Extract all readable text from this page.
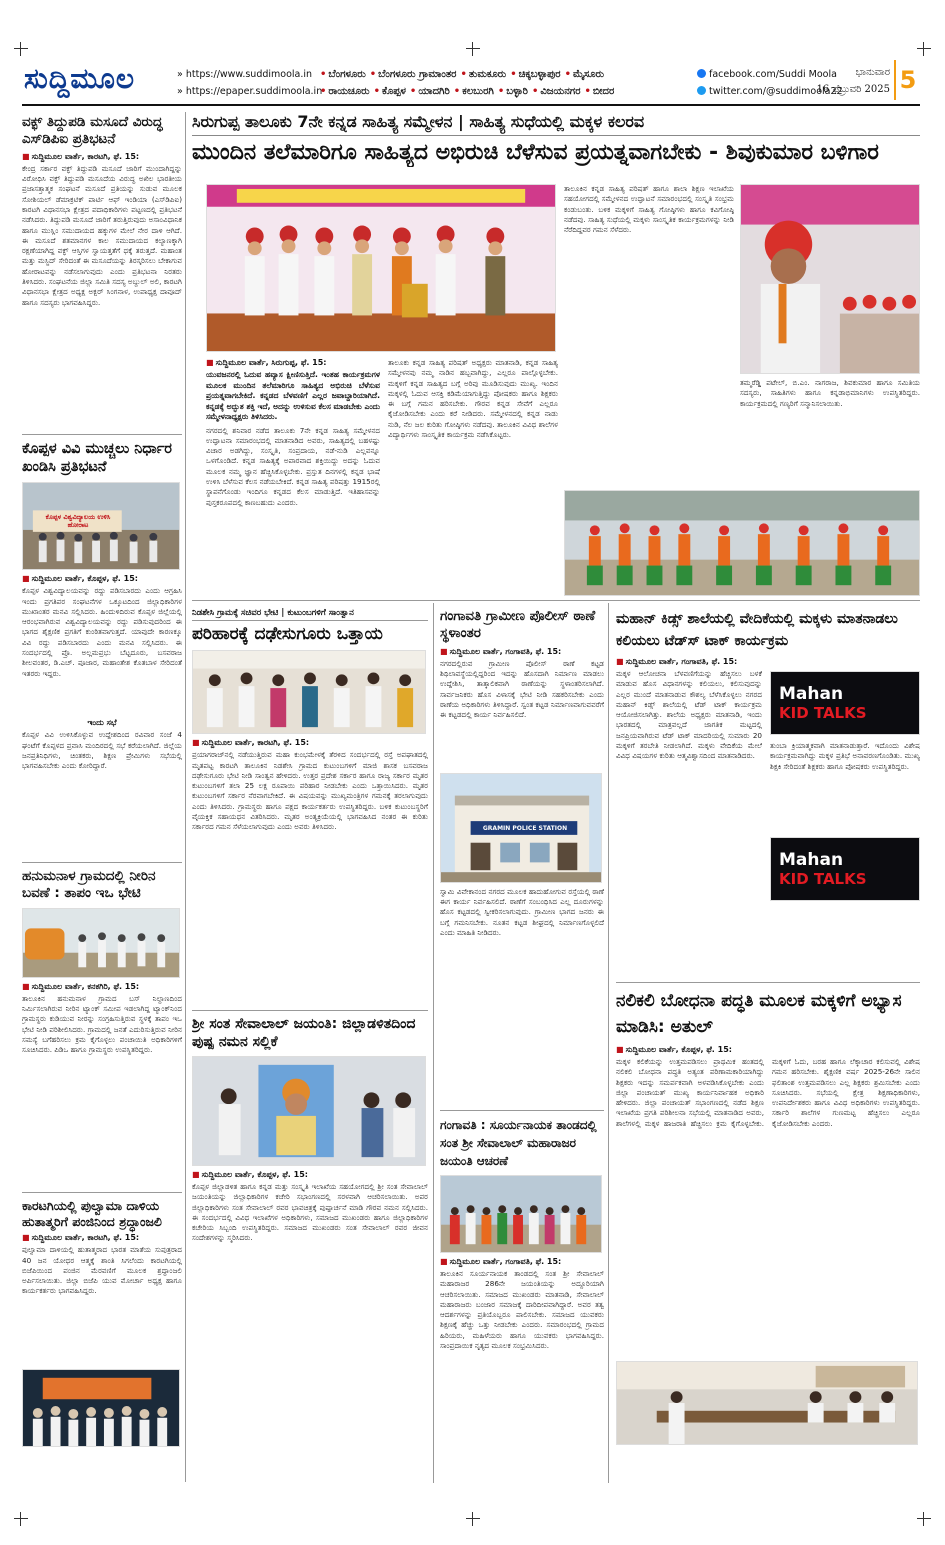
ಸುದ್ದಿಮೂಲ	» https://www.suddimoola.in
» https://epaper.suddimoola.in
• ಬೆಂಗಳೂರು • ಬೆಂಗಳೂರು ಗ್ರಾಮಾಂತರ • ತುಮಕೂರು • ಚಿಕ್ಕಬಳ್ಳಾಪುರ • ಮೈಸೂರು
• ರಾಯಚೂರು • ಕೊಪ್ಪಳ • ಯಾದಗಿರಿ • ಕಲಬುರಗಿ • ಬಳ್ಳಾರಿ • ವಿಜಯನಗರ • ಬೀದರ
facebook.com/Suddi Moola
twitter.com/@suddimoola22
ಭಾನುವಾರ
16 ಫೆಬ್ರುವರಿ 2025 5
ವಕ್ಫ್ ತಿದ್ದುಪಡಿ ಮಸೂದೆ ವಿರುದ್ಧ ಎಸ್‌ಡಿಪಿಐ ಪ್ರತಿಭಟನೆ
■ ಸುದ್ದಿಮೂಲ ವಾರ್ತೆ, ಕಾರಟಗಿ, ಫೆ. 15:
ಕೇಂದ್ರ ಸರ್ಕಾರ ವಕ್ಫ್ ತಿದ್ದುಪಡಿ ಮಸೂದೆ ಜಾರಿಗೆ ಮುಂದಾಗಿದ್ದನ್ನು ವಿರೋಧಿಸಿ ವಕ್ಫ್ ತಿದ್ದುಪಡಿ ಮಸೂದೆಯ ವಿರುದ್ಧ ಅಖಿಲ ಭಾರತೀಯ ಪ್ರಜಾಸತ್ತಾತ್ಮಕ ಸಂಘಟನೆ ಮಸೂದೆ ಪ್ರತಿಯನ್ನು ಸುಡುವ ಮೂಲಕ ಸೋಶಿಯಲ್ ಡೆಮಾಕ್ರಟಿಕ್ ಪಾರ್ಟಿ ಆಫ್ ಇಂಡಿಯಾ (ಎಸ್‌ಡಿಪಿಐ) ಕಾರಟಗಿ ವಿಧಾನಸಭಾ ಕ್ಷೇತ್ರದ ಪದಾಧಿಕಾರಿಗಳು ಪಟ್ಟಣದಲ್ಲಿ ಪ್ರತಿಭಟನೆ ನಡೆಸಿದರು. ತಿದ್ದುಪಡಿ ಮಸೂದೆ ಜಾರಿಗೆ ತರುತ್ತಿರುವುದು ಅಸಾಂವಿಧಾನಿಕ ಹಾಗೂ ಮುಸ್ಲಿಂ ಸಮುದಾಯದ ಹಕ್ಕುಗಳ ಮೇಲೆ ನೇರ ದಾಳಿ ಆಗಿದೆ. ಈ ಮಸೂದೆ ಶತಮಾನಗಳ ಕಾಲ ಸಮುದಾಯದ ಕಲ್ಯಾಣಕ್ಕಾಗಿ ರಕ್ಷಣೆಯಾಗಿದ್ದ ವಕ್ಫ್ ಆಸ್ತಿಗಳ ಸ್ವಾಯತ್ತತೆಗೆ ಧಕ್ಕೆ ತರುತ್ತದೆ. ಮಹಾಂತ ಮತ್ತು ಮಸ್ಜಿದ್ ಸೇರಿದಂತೆ ಈ ಮಸೂದೆಯನ್ನು ತಿರಸ್ಕರಿಸಲು ಬೇಕಾಗುವ ಹೋರಾಟವನ್ನು ನಡೆಸಲಾಗುವುದು ಎಂದು ಪ್ರತಿಭಟನಾ ನಿರತರು ತಿಳಿಸಿದರು. ಸಂಘಟನೆಯ ಜಿಲ್ಲಾ ಸಮಿತಿ ಸದಸ್ಯ ಅಬ್ದುಲ್ ಅಲಿ, ಕಾರಟಗಿ ವಿಧಾನಸಭಾ ಕ್ಷೇತ್ರದ ಅಧ್ಯಕ್ಷ ಅಕ್ಬರ್ ಸಿಂಗನಾಳ, ಉಪಾಧ್ಯಕ್ಷ ದಾವೂದ್ ಹಾಗೂ ಸದಸ್ಯರು ಭಾಗವಹಿಸಿದ್ದರು.
ಕೊಪ್ಪಳ ವಿವಿ ಮುಚ್ಚಲು ನಿರ್ಧಾರ ಖಂಡಿಸಿ ಪ್ರತಿಭಟನೆ
ಕೊಪ್ಪಳ ವಿಶ್ವವಿದ್ಯಾಲಯ ಉಳಿಸಿ ಹೋರಾಟ
■ ಸುದ್ದಿಮೂಲ ವಾರ್ತೆ, ಕೊಪ್ಪಳ, ಫೆ. 15:
ಕೊಪ್ಪಳ ವಿಶ್ವವಿದ್ಯಾಲಯವನ್ನು ರದ್ದು ಪಡಿಸಬಾರದು ಎಂದು ಆಗ್ರಹಿಸಿ ಇಂದು ಪ್ರಗತಿಪರ ಸಂಘಟನೆಗಳ ಒಕ್ಕೂಟದಿಂದ ಜಿಲ್ಲಾಧಿಕಾರಿಗಳ ಮುಖಾಂತರ ಮನವಿ ಸಲ್ಲಿಸಿದರು. ಹಿಂದುಳಿದಿರುವ ಕೊಪ್ಪಳ ಜಿಲ್ಲೆಯಲ್ಲಿ ಆರಂಭವಾಗಿರುವ ವಿಶ್ವವಿದ್ಯಾಲಯವನ್ನು ರದ್ದು ಪಡಿಸುವುದರಿಂದ ಈ ಭಾಗದ ಶೈಕ್ಷಣಿಕ ಪ್ರಗತಿಗೆ ಕುಂಠಿತವಾಗುತ್ತದೆ. ಯಾವುದೇ ಕಾರಣಕ್ಕೂ ವಿವಿ ರದ್ದು ಪಡಿಸಬಾರದು ಎಂದು ಮನವಿ ಸಲ್ಲಿಸಿದರು. ಈ ಸಂದರ್ಭದಲ್ಲಿ ಪ್ರೊ. ಅಲ್ಲಮಪ್ರಭು ಬೆಟ್ಟದೂರು, ಬಸವರಾಜ ಶೀಲವಂತರ, ಡಿ.ಎಚ್. ಪೂಜಾರ, ಮಹಾಂತೇಶ ಕೊತಬಾಳ ಸೇರಿದಂತೆ ಇತರರು ಇದ್ದರು.
ಇಂದು ಸಭೆ
ಕೊಪ್ಪಳ ವಿವಿ ಉಳಿಸಿಕೊಳ್ಳುವ ಉದ್ದೇಶದಿಂದ ರವಿವಾರ ಸಂಜೆ 4 ಘಂಟೆಗೆ ಕೊಪ್ಪಳದ ಪ್ರವಾಸಿ ಮಂದಿರದಲ್ಲಿ ಸಭೆ ಕರೆಯಲಾಗಿದೆ. ಜಿಲ್ಲೆಯ ಜನಪ್ರತಿನಿಧಿಗಳು, ಚಿಂತಕರು, ಶಿಕ್ಷಣ ಪ್ರೇಮಿಗಳು ಸಭೆಯಲ್ಲಿ ಭಾಗವಹಿಸಬೇಕು ಎಂದು ಕೋರಿದ್ದಾರೆ.
ಹನುಮನಾಳ ಗ್ರಾಮದಲ್ಲಿ ನೀರಿನ ಬವಣೆ : ತಾಪಂ ಇಒ ಭೇಟಿ
■ ಸುದ್ದಿಮೂಲ ವಾರ್ತೆ, ಕನಕಗಿರಿ, ಫೆ. 15:
ತಾಲೂಕಿನ ಹನುಮನಾಳ ಗ್ರಾಮದ ಬಸ್ ನಿಲ್ದಾಣದಿಂದ ನಿರ್ಮಿಸಲಾಗಿರುವ ನೀರಿನ ಟ್ಯಾಂಕ್ ಸಮೀಪ ಇಡಲಾಗಿದ್ದ ಟ್ಯಾಂಕ್‌ನಿಂದ ಗ್ರಾಮಸ್ಥರು ಕುಡಿಯುವ ನೀರನ್ನು ಸಂಗ್ರಹಿಸುತ್ತಿರುವ ಸ್ಥಳಕ್ಕೆ ತಾಪಂ ಇಒ ಭೇಟಿ ನೀಡಿ ಪರಿಶೀಲಿಸಿದರು. ಗ್ರಾಮದಲ್ಲಿ ಜನತೆ ಎದುರಿಸುತ್ತಿರುವ ನೀರಿನ ಸಮಸ್ಯೆ ಬಗೆಹರಿಸಲು ಕ್ರಮ ಕೈಗೊಳ್ಳಲು ಪಂಚಾಯಿತಿ ಅಧಿಕಾರಿಗಳಿಗೆ ಸೂಚಿಸಿದರು. ಪಿಡಿಒ ಹಾಗೂ ಗ್ರಾಮಸ್ಥರು ಉಪಸ್ಥಿತರಿದ್ದರು.
ಕಾರಟಗಿಯಲ್ಲಿ ಪುಲ್ವಾಮಾ ದಾಳಿಯ ಹುತಾತ್ಮರಿಗೆ ಪಂಜಿನಿಂದ ಶ್ರದ್ಧಾಂಜಲಿ
■ ಸುದ್ದಿಮೂಲ ವಾರ್ತೆ, ಕಾರಟಗಿ, ಫೆ. 15:
ಪುಲ್ವಾಮಾ ದಾಳಿಯಲ್ಲಿ ಹುತಾತ್ಮರಾದ ಭಾರತ ಮಾತೆಯ ಸುಪುತ್ರರಾದ 40 ಜನ ಯೋಧರ ಆತ್ಮಕ್ಕೆ ಶಾಂತಿ ಸಿಗಲೆಂದು ಕಾರಟಗಿಯಲ್ಲಿ ಬಿಜೆಪಿಯಿಂದ ಪಂಜಿನ ಮೆರವಣಿಗೆ ಮೂಲಕ ಶ್ರದ್ಧಾಂಜಲಿ ಅರ್ಪಿಸಲಾಯಿತು. ಜಿಲ್ಲಾ ಬಿಜೆಪಿ ಯುವ ಮೋರ್ಚಾ ಅಧ್ಯಕ್ಷ ಹಾಗೂ ಕಾರ್ಯಕರ್ತರು ಭಾಗವಹಿಸಿದ್ದರು.
ಸಿರುಗುಪ್ಪ ತಾಲೂಕು 7ನೇ ಕನ್ನಡ ಸಾಹಿತ್ಯ ಸಮ್ಮೇಳನ | ಸಾಹಿತ್ಯ ಸುಧೆಯಲ್ಲಿ ಮಕ್ಕಳ ಕಲರವ
ಮುಂದಿನ ತಲೆಮಾರಿಗೂ ಸಾಹಿತ್ಯದ ಅಭಿರುಚಿ ಬೆಳೆಸುವ ಪ್ರಯತ್ನವಾಗಬೇಕು - ಶಿವುಕುಮಾರ ಬಳಿಗಾರ
■ ಸುದ್ದಿಮೂಲ ವಾರ್ತೆ, ಸಿರುಗುಪ್ಪ, ಫೆ. 15:
ಯುವಜನರಲ್ಲಿ ಓದುವ ಹವ್ಯಾಸ ಕ್ಷೀಣಿಸುತ್ತಿದೆ. ಇಂತಹ ಕಾರ್ಯಕ್ರಮಗಳ ಮೂಲಕ ಮುಂದಿನ ತಲೆಮಾರಿಗೂ ಸಾಹಿತ್ಯದ ಅಭಿರುಚಿ ಬೆಳೆಸುವ ಪ್ರಯತ್ನವಾಗಬೇಕಿದೆ. ಕನ್ನಡದ ಬೆಳವಣಿಗೆ ಎಲ್ಲರ ಜವಾಬ್ದಾರಿಯಾಗಿದೆ. ಕನ್ನಡಕ್ಕೆ ಅದ್ಭುತ ಶಕ್ತಿ ಇದೆ, ಅದನ್ನು ಉಳಿಸುವ ಕೆಲಸ ಮಾಡಬೇಕು ಎಂದು ಸಮ್ಮೇಳನಾಧ್ಯಕ್ಷರು ತಿಳಿಸಿದರು.
ನಗರದಲ್ಲಿ ಶನಿವಾರ ನಡೆದ ತಾಲೂಕು 7ನೇ ಕನ್ನಡ ಸಾಹಿತ್ಯ ಸಮ್ಮೇಳನದ ಉದ್ಘಾಟನಾ ಸಮಾರಂಭದಲ್ಲಿ ಮಾತನಾಡಿದ ಅವರು, ಸಾಹಿತ್ಯದಲ್ಲಿ ಬಹಳಷ್ಟು ವಿಚಾರ ಅಡಗಿದ್ದು, ಸಂಸ್ಕೃತಿ, ಸಂಪ್ರದಾಯ, ನಡೆ-ನುಡಿ ಎಲ್ಲವನ್ನೂ ಒಳಗೊಂಡಿದೆ. ಕನ್ನಡ ಸಾಹಿತ್ಯಕ್ಕೆ ಅಪಾರವಾದ ಶಕ್ತಿಯಿದ್ದು ಅದನ್ನು ಓದುವ ಮೂಲಕ ನಮ್ಮ ಜ್ಞಾನ ಹೆಚ್ಚಿಸಿಕೊಳ್ಳಬೇಕು. ಪ್ರಸ್ತುತ ದಿನಗಳಲ್ಲಿ ಕನ್ನಡ ಭಾಷೆ ಉಳಿಸಿ ಬೆಳೆಸುವ ಕೆಲಸ ನಡೆಯಬೇಕಿದೆ. ಕನ್ನಡ ಸಾಹಿತ್ಯ ಪರಿಷತ್ತು 1915ರಲ್ಲಿ ಸ್ಥಾಪನೆಗೊಂಡು ಇಂದಿಗೂ ಕನ್ನಡದ ಕೆಲಸ ಮಾಡುತ್ತಿದೆ. ಇತಿಹಾಸವನ್ನು ಪುಸ್ತಕರೂಪದಲ್ಲಿ ಕಾಣಬಹುದು ಎಂದರು.
ತಾಲೂಕು ಕನ್ನಡ ಸಾಹಿತ್ಯ ಪರಿಷತ್ ಅಧ್ಯಕ್ಷರು ಮಾತನಾಡಿ, ಕನ್ನಡ ಸಾಹಿತ್ಯ ಸಮ್ಮೇಳನವು ನಮ್ಮ ನಾಡಿನ ಹಬ್ಬವಾಗಿದ್ದು, ಎಲ್ಲರೂ ಪಾಲ್ಗೊಳ್ಳಬೇಕು. ಮಕ್ಕಳಿಗೆ ಕನ್ನಡ ಸಾಹಿತ್ಯದ ಬಗ್ಗೆ ಅರಿವು ಮೂಡಿಸುವುದು ಮುಖ್ಯ. ಇಂದಿನ ಮಕ್ಕಳಲ್ಲಿ ಓದುವ ಆಸಕ್ತಿ ಕಡಿಮೆಯಾಗುತ್ತಿದ್ದು ಪೋಷಕರು ಹಾಗೂ ಶಿಕ್ಷಕರು ಈ ಬಗ್ಗೆ ಗಮನ ಹರಿಸಬೇಕು. ಗೌರವ ಕನ್ನಡ ಸೇವೆಗೆ ಎಲ್ಲರೂ ಕೈಜೋಡಿಸಬೇಕು ಎಂದು ಕರೆ ನೀಡಿದರು. ಸಮ್ಮೇಳನದಲ್ಲಿ ಕನ್ನಡ ನಾಡು ನುಡಿ, ನೆಲ ಜಲ ಕುರಿತು ಗೋಷ್ಠಿಗಳು ನಡೆದವು. ತಾಲೂಕಿನ ವಿವಿಧ ಶಾಲೆಗಳ ವಿದ್ಯಾರ್ಥಿಗಳು ಸಾಂಸ್ಕೃತಿಕ ಕಾರ್ಯಕ್ರಮ ನಡೆಸಿಕೊಟ್ಟರು.
ತಾಲೂಕಿನ ಕನ್ನಡ ಸಾಹಿತ್ಯ ಪರಿಷತ್ ಹಾಗೂ ಶಾಲಾ ಶಿಕ್ಷಣ ಇಲಾಖೆಯ ಸಹಯೋಗದಲ್ಲಿ ಸಮ್ಮೇಳನದ ಉದ್ಘಾಟನೆ ಸಮಾರಂಭದಲ್ಲಿ ಸಂಸ್ಕೃತಿ ಸಂಭ್ರಮ ಕಂಡುಬಂತು. ಬಳಿಕ ಮಕ್ಕಳಿಗೆ ಸಾಹಿತ್ಯ ಗೋಷ್ಠಿಗಳು ಹಾಗೂ ಕವಿಗೋಷ್ಠಿ ನಡೆದವು. ಸಾಹಿತ್ಯ ಸುಧೆಯಲ್ಲಿ ಮಕ್ಕಳು ಸಾಂಸ್ಕೃತಿಕ ಕಾರ್ಯಕ್ರಮಗಳನ್ನು ನೀಡಿ ನೆರೆದಿದ್ದವರ ಗಮನ ಸೆಳೆದರು.
ತಮ್ಮರೆಡ್ಡಿ ಪಟೇಲ್, ಬಿ.ಎಂ. ನಾಗರಾಜ, ಶಿವಕುಮಾರ ಹಾಗೂ ಸಮಿತಿಯ ಸದಸ್ಯರು, ಸಾಹಿತಿಗಳು ಹಾಗೂ ಕನ್ನಡಾಭಿಮಾನಿಗಳು ಉಪಸ್ಥಿತರಿದ್ದರು. ಕಾರ್ಯಕ್ರಮದಲ್ಲಿ ಗಣ್ಯರಿಗೆ ಸನ್ಮಾನಿಸಲಾಯಿತು.
ನಿಡಶೇಸಿ ಗ್ರಾಮಕ್ಕೆ ಸಚಿವರ ಭೇಟಿ | ಕುಟುಂಬಗಳಿಗೆ ಸಾಂತ್ವಾನ
ಪರಿಹಾರಕ್ಕೆ ದಢೇಸುಗೂರು ಒತ್ತಾಯ
■ ಸುದ್ದಿಮೂಲ ವಾರ್ತೆ, ಕಾರಟಗಿ, ಫೆ. 15:
ಪ್ರಯಾಗರಾಜ್‌ನಲ್ಲಿ ನಡೆಯುತ್ತಿರುವ ಮಹಾ ಕುಂಭಮೇಳಕ್ಕೆ ತೆರಳಿದ ಸಂದರ್ಭದಲ್ಲಿ ರಸ್ತೆ ಅಪಘಾತದಲ್ಲಿ ಮೃತಪಟ್ಟ ಕಾರಟಗಿ ತಾಲೂಕಿನ ನಿಡಶೇಸಿ ಗ್ರಾಮದ ಕುಟುಂಬಗಳಿಗೆ ಮಾಜಿ ಶಾಸಕ ಬಸವರಾಜ ದಢೇಸುಗೂರು ಭೇಟಿ ನೀಡಿ ಸಾಂತ್ವನ ಹೇಳಿದರು. ಉತ್ತರ ಪ್ರದೇಶ ಸರ್ಕಾರ ಹಾಗೂ ರಾಜ್ಯ ಸರ್ಕಾರ ಮೃತರ ಕುಟುಂಬಗಳಿಗೆ ತಲಾ 25 ಲಕ್ಷ ರೂಪಾಯಿ ಪರಿಹಾರ ನೀಡಬೇಕು ಎಂದು ಒತ್ತಾಯಿಸಿದರು. ಮೃತರ ಕುಟುಂಬಗಳಿಗೆ ಸರ್ಕಾರ ನೆರವಾಗಬೇಕಿದೆ. ಈ ವಿಷಯವನ್ನು ಮುಖ್ಯಮಂತ್ರಿಗಳ ಗಮನಕ್ಕೆ ತರಲಾಗುವುದು ಎಂದು ತಿಳಿಸಿದರು. ಗ್ರಾಮಸ್ಥರು ಹಾಗೂ ಪಕ್ಷದ ಕಾರ್ಯಕರ್ತರು ಉಪಸ್ಥಿತರಿದ್ದರು. ಬಳಿಕ ಕುಟುಂಬಸ್ಥರಿಗೆ ವೈಯಕ್ತಿಕ ಸಹಾಯಧನ ವಿತರಿಸಿದರು. ಮೃತರ ಅಂತ್ಯಕ್ರಿಯೆಯಲ್ಲಿ ಭಾಗವಹಿಸಿದ ನಂತರ ಈ ಕುರಿತು ಸರ್ಕಾರದ ಗಮನ ಸೆಳೆಯಲಾಗುವುದು ಎಂದು ಅವರು ತಿಳಿಸಿದರು.
ಶ್ರೀ ಸಂತ ಸೇವಾಲಾಲ್ ಜಯಂತಿ: ಜಿಲ್ಲಾಡಳಿತದಿಂದ ಪುಷ್ಪ ನಮನ ಸಲ್ಲಿಕೆ
■ ಸುದ್ದಿಮೂಲ ವಾರ್ತೆ, ಕೊಪ್ಪಳ, ಫೆ. 15:
ಕೊಪ್ಪಳ ಜಿಲ್ಲಾಡಳಿತ ಹಾಗೂ ಕನ್ನಡ ಮತ್ತು ಸಂಸ್ಕೃತಿ ಇಲಾಖೆಯ ಸಹಯೋಗದಲ್ಲಿ ಶ್ರೀ ಸಂತ ಸೇವಾಲಾಲ್ ಜಯಂತಿಯನ್ನು ಜಿಲ್ಲಾಧಿಕಾರಿಗಳ ಕಚೇರಿ ಸಭಾಂಗಣದಲ್ಲಿ ಸರಳವಾಗಿ ಆಚರಿಸಲಾಯಿತು. ಅಪರ ಜಿಲ್ಲಾಧಿಕಾರಿಗಳು ಸಂತ ಸೇವಾಲಾಲ್ ರವರ ಭಾವಚಿತ್ರಕ್ಕೆ ಪುಷ್ಪಾರ್ಚನೆ ಮಾಡಿ ಗೌರವ ನಮನ ಸಲ್ಲಿಸಿದರು. ಈ ಸಂದರ್ಭದಲ್ಲಿ ವಿವಿಧ ಇಲಾಖೆಗಳ ಅಧಿಕಾರಿಗಳು, ಸಮಾಜದ ಮುಖಂಡರು ಹಾಗೂ ಜಿಲ್ಲಾಧಿಕಾರಿಗಳ ಕಚೇರಿಯ ಸಿಬ್ಬಂದಿ ಉಪಸ್ಥಿತರಿದ್ದರು. ಸಮಾಜದ ಮುಖಂಡರು ಸಂತ ಸೇವಾಲಾಲ್ ರವರ ಜೀವನ ಸಂದೇಶಗಳನ್ನು ಸ್ಮರಿಸಿದರು.
ಗಂಗಾವತಿ ಗ್ರಾಮೀಣ ಪೊಲೀಸ್ ಠಾಣೆ ಸ್ಥಳಾಂತರ
■ ಸುದ್ದಿಮೂಲ ವಾರ್ತೆ, ಗಂಗಾವತಿ, ಫೆ. 15:
ನಗರದಲ್ಲಿರುವ ಗ್ರಾಮೀಣ ಪೊಲೀಸ್ ಠಾಣೆ ಕಟ್ಟಡ ಶಿಥಿಲಾವಸ್ಥೆಯಲ್ಲಿದ್ದರಿಂದ ಇದನ್ನು ಹೊಸದಾಗಿ ನಿರ್ಮಾಣ ಮಾಡಲು ಉದ್ದೇಶಿಸಿ, ತಾತ್ಕಾಲಿಕವಾಗಿ ಠಾಣೆಯನ್ನು ಸ್ಥಳಾಂತರಿಸಲಾಗಿದೆ. ಸಾರ್ವಜನಿಕರು ಹೊಸ ವಿಳಾಸಕ್ಕೆ ಭೇಟಿ ನೀಡಿ ಸಹಕರಿಸಬೇಕು ಎಂದು ಠಾಣೆಯ ಅಧಿಕಾರಿಗಳು ತಿಳಿಸಿದ್ದಾರೆ. ಸ್ವಂತ ಕಟ್ಟಡ ನಿರ್ಮಾಣವಾಗುವವರೆಗೆ ಈ ಕಟ್ಟಡದಲ್ಲಿ ಕಾರ್ಯ ನಿರ್ವಹಿಸಲಿದೆ.
GRAMIN POLICE STATION
ಸ್ವಾಮಿ ವಿವೇಕಾನಂದ ನಗರದ ಮೂಲಕ ಹಾದುಹೋಗುವ ರಸ್ತೆಯಲ್ಲಿ ಠಾಣೆ ಈಗ ಕಾರ್ಯ ನಿರ್ವಹಿಸಲಿದೆ. ಠಾಣೆಗೆ ಸಂಬಂಧಿಸಿದ ಎಲ್ಲ ದೂರುಗಳನ್ನು ಹೊಸ ಕಟ್ಟಡದಲ್ಲಿ ಸ್ವೀಕರಿಸಲಾಗುವುದು. ಗ್ರಾಮೀಣ ಭಾಗದ ಜನರು ಈ ಬಗ್ಗೆ ಗಮನಿಸಬೇಕು. ನೂತನ ಕಟ್ಟಡ ಶೀಘ್ರದಲ್ಲಿ ನಿರ್ಮಾಣಗೊಳ್ಳಲಿದೆ ಎಂದು ಮಾಹಿತಿ ನೀಡಿದರು.
ಗಂಗಾವತಿ : ಸೂರ್ಯನಾಯಕ ತಾಂಡದಲ್ಲಿ ಸಂತ ಶ್ರೀ ಸೇವಾಲಾಲ್ ಮಹಾರಾಜರ ಜಯಂತಿ ಆಚರಣೆ
■ ಸುದ್ದಿಮೂಲ ವಾರ್ತೆ, ಗಂಗಾವತಿ, ಫೆ. 15:
ತಾಲೂಕಿನ ಸೂರ್ಯನಾಯಕ ತಾಂಡದಲ್ಲಿ ಸಂತ ಶ್ರೀ ಸೇವಾಲಾಲ್ ಮಹಾರಾಜರ 286ನೇ ಜಯಂತಿಯನ್ನು ಅದ್ದೂರಿಯಾಗಿ ಆಚರಿಸಲಾಯಿತು. ಸಮಾಜದ ಮುಖಂಡರು ಮಾತನಾಡಿ, ಸೇವಾಲಾಲ್ ಮಹಾರಾಜರು ಬಂಜಾರ ಸಮಾಜಕ್ಕೆ ದಾರಿದೀಪವಾಗಿದ್ದಾರೆ. ಅವರ ತತ್ವ ಆದರ್ಶಗಳನ್ನು ಪ್ರತಿಯೊಬ್ಬರೂ ಪಾಲಿಸಬೇಕು. ಸಮಾಜದ ಯುವಕರು ಶಿಕ್ಷಣಕ್ಕೆ ಹೆಚ್ಚು ಒತ್ತು ನೀಡಬೇಕು ಎಂದರು. ಸಮಾರಂಭದಲ್ಲಿ ಗ್ರಾಮದ ಹಿರಿಯರು, ಮಹಿಳೆಯರು ಹಾಗೂ ಯುವಕರು ಭಾಗವಹಿಸಿದ್ದರು. ಸಾಂಪ್ರದಾಯಿಕ ನೃತ್ಯದ ಮೂಲಕ ಸಂಭ್ರಮಿಸಿದರು.
ಮಹಾನ್ ಕಿಡ್ಸ್ ಶಾಲೆಯಲ್ಲಿ ವೇದಿಕೆಯಲ್ಲಿ ಮಕ್ಕಳು ಮಾತನಾಡಲು ಕಲಿಯಲು ಟೆಡ್‌ಸ್ ಟಾಕ್ ಕಾರ್ಯಕ್ರಮ
■ ಸುದ್ದಿಮೂಲ ವಾರ್ತೆ, ಗಂಗಾವತಿ, ಫೆ. 15:
ಮಕ್ಕಳ ಆಲೋಚನಾ ಬೆಳವಣಿಗೆಯನ್ನು ಹೆಚ್ಚಿಸಲು ಬಳಕೆ ಮಾಡುವ ಹೊಸ ವಿಧಾನಗಳನ್ನು ಕಲಿಯಲು, ಕಲಿಸುವುದನ್ನು ಎಲ್ಲರ ಮುಂದೆ ಮಾತನಾಡುವ ಕೌಶಲ್ಯ ಬೆಳೆಸಿಕೊಳ್ಳಲು ನಗರದ ಮಹಾನ್ ಕಿಡ್ಸ್ ಶಾಲೆಯಲ್ಲಿ ಟೆಡ್ ಟಾಕ್ ಕಾರ್ಯಕ್ರಮ ಆಯೋಜಿಸಲಾಗಿತ್ತು. ಶಾಲೆಯ ಅಧ್ಯಕ್ಷರು ಮಾತನಾಡಿ, ಇಂದು ಭಾರತದಲ್ಲಿ ಮಾತ್ರವಲ್ಲದೆ ಜಾಗತಿಕ ಮಟ್ಟದಲ್ಲಿ ಜನಪ್ರಿಯವಾಗಿರುವ ಟೆಡ್ ಟಾಕ್ ಮಾದರಿಯಲ್ಲಿ ಸುಮಾರು 20 ಮಕ್ಕಳಿಗೆ ತರಬೇತಿ ನೀಡಲಾಗಿದೆ. ಮಕ್ಕಳು ವೇದಿಕೆಯ ಮೇಲೆ ವಿವಿಧ ವಿಷಯಗಳ ಕುರಿತು ಆತ್ಮವಿಶ್ವಾಸದಿಂದ ಮಾತನಾಡಿದರು.
Mahan
KID TALKS
ತುಂಬಾ ಕ್ರಿಯಾತ್ಮಕವಾಗಿ ಮಾತನಾಡುತ್ತಾರೆ. ಇದೊಂದು ವಿಶೇಷ ಕಾರ್ಯಕ್ರಮವಾಗಿದ್ದು ಮಕ್ಕಳ ಪ್ರತಿಭೆ ಅನಾವರಣಗೊಂಡಿತು. ಮುಖ್ಯ ಶಿಕ್ಷಕಿ ಸೇರಿದಂತೆ ಶಿಕ್ಷಕರು ಹಾಗೂ ಪೋಷಕರು ಉಪಸ್ಥಿತರಿದ್ದರು.
Mahan
KID TALKS
ನಲಿಕಲಿ ಬೋಧನಾ ಪದ್ಧತಿ ಮೂಲಕ ಮಕ್ಕಳಿಗೆ ಅಭ್ಯಾಸ ಮಾಡಿಸಿ: ಅತುಲ್
■ ಸುದ್ದಿಮೂಲ ವಾರ್ತೆ, ಕೊಪ್ಪಳ, ಫೆ. 15:
ಮಕ್ಕಳ ಕಲಿಕೆಯನ್ನು ಉತ್ತಮಪಡಿಸಲು ಪ್ರಾಥಮಿಕ ಹಂತದಲ್ಲಿ ನಲಿಕಲಿ ಬೋಧನಾ ಪದ್ಧತಿ ಅತ್ಯಂತ ಪರಿಣಾಮಕಾರಿಯಾಗಿದ್ದು ಶಿಕ್ಷಕರು ಇದನ್ನು ಸಮರ್ಪಕವಾಗಿ ಅಳವಡಿಸಿಕೊಳ್ಳಬೇಕು ಎಂದು ಜಿಲ್ಲಾ ಪಂಚಾಯತ್ ಮುಖ್ಯ ಕಾರ್ಯನಿರ್ವಾಹಕ ಅಧಿಕಾರಿ ಹೇಳಿದರು. ಜಿಲ್ಲಾ ಪಂಚಾಯತ್ ಸಭಾಂಗಣದಲ್ಲಿ ನಡೆದ ಶಿಕ್ಷಣ ಇಲಾಖೆಯ ಪ್ರಗತಿ ಪರಿಶೀಲನಾ ಸಭೆಯಲ್ಲಿ ಮಾತನಾಡಿದ ಅವರು, ಶಾಲೆಗಳಲ್ಲಿ ಮಕ್ಕಳ ಹಾಜರಾತಿ ಹೆಚ್ಚಿಸಲು ಕ್ರಮ ಕೈಗೊಳ್ಳಬೇಕು. ಮಕ್ಕಳಿಗೆ ಓದು, ಬರಹ ಹಾಗೂ ಲೆಕ್ಕಾಚಾರ ಕಲಿಸುವಲ್ಲಿ ವಿಶೇಷ ಗಮನ ಹರಿಸಬೇಕು. ಶೈಕ್ಷಣಿಕ ವರ್ಷ 2025-26ನೇ ಸಾಲಿನ ಫಲಿತಾಂಶ ಉತ್ತಮಪಡಿಸಲು ಎಲ್ಲ ಶಿಕ್ಷಕರು ಶ್ರಮಿಸಬೇಕು ಎಂದು ಸೂಚಿಸಿದರು. ಸಭೆಯಲ್ಲಿ ಕ್ಷೇತ್ರ ಶಿಕ್ಷಣಾಧಿಕಾರಿಗಳು, ಉಪನಿರ್ದೇಶಕರು ಹಾಗೂ ವಿವಿಧ ಅಧಿಕಾರಿಗಳು ಉಪಸ್ಥಿತರಿದ್ದರು. ಸರ್ಕಾರಿ ಶಾಲೆಗಳ ಗುಣಮಟ್ಟ ಹೆಚ್ಚಿಸಲು ಎಲ್ಲರೂ ಕೈಜೋಡಿಸಬೇಕು ಎಂದರು.
